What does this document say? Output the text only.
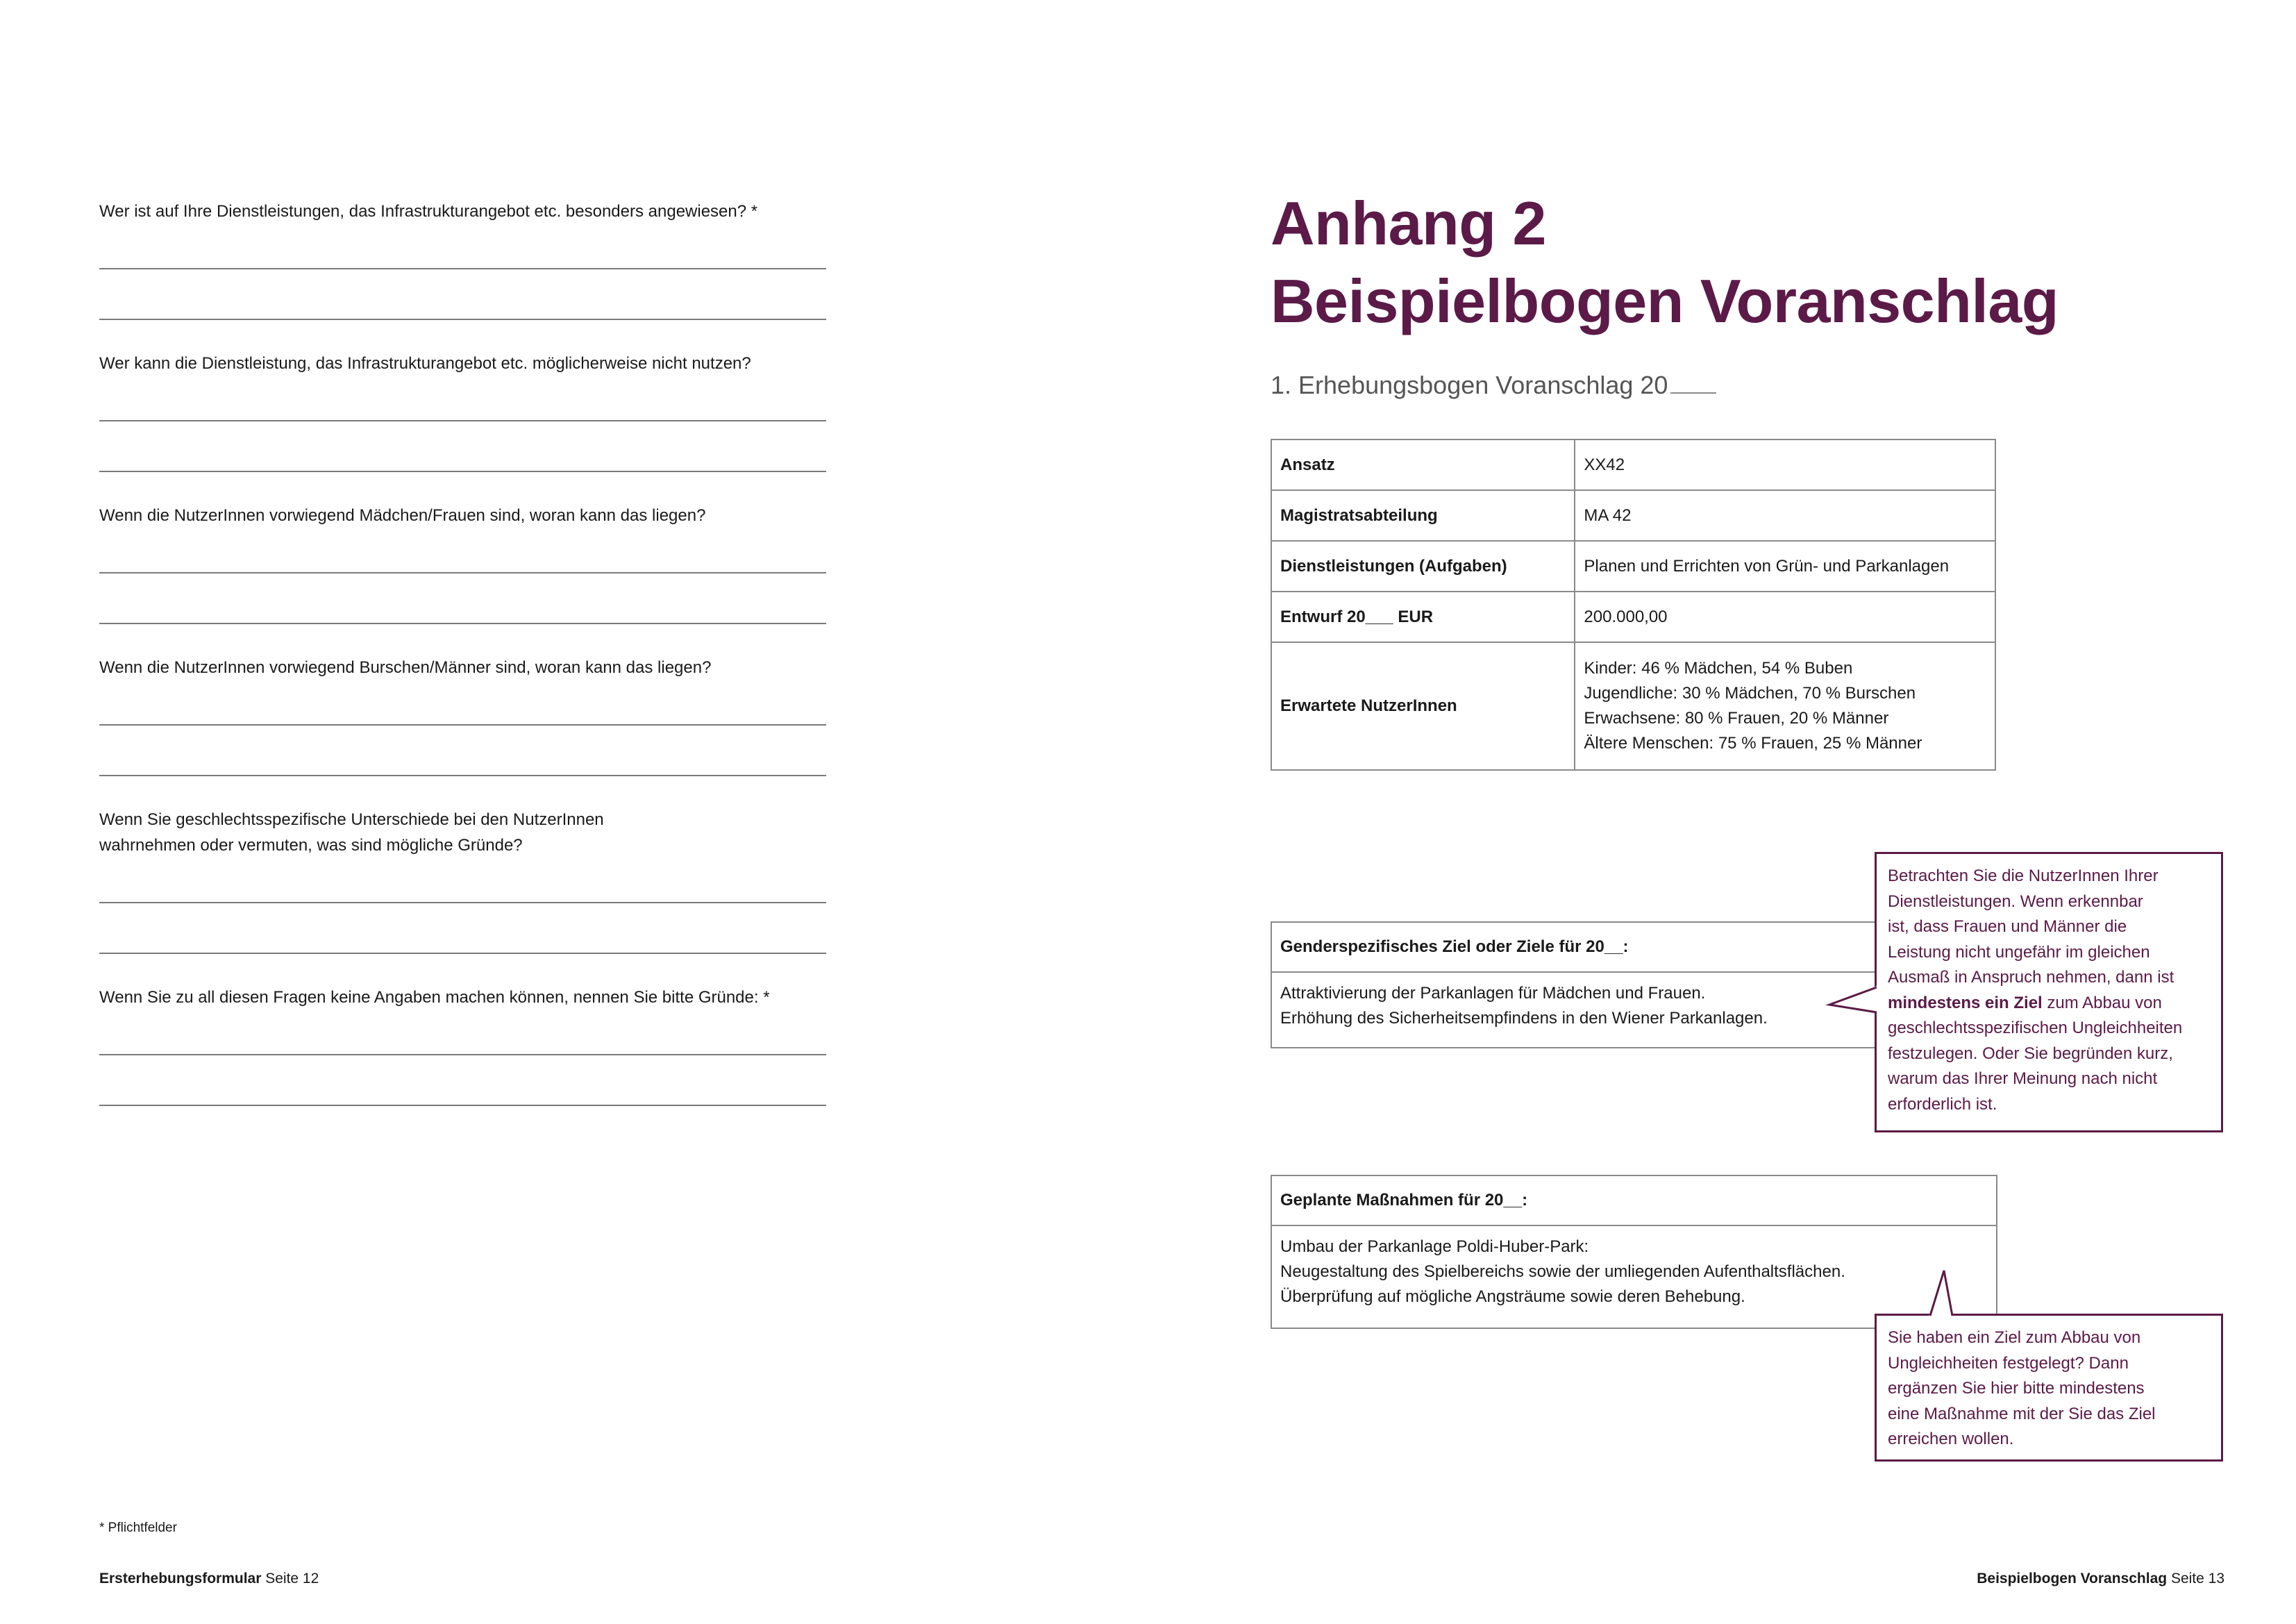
Wer ist auf Ihre Dienstleistungen, das Infrastrukturangebot etc. besonders angewiesen? *
Wer kann die Dienstleistung, das Infrastrukturangebot etc. möglicherweise nicht nutzen?
Wenn die NutzerInnen vorwiegend Mädchen/Frauen sind, woran kann das liegen?
Wenn die NutzerInnen vorwiegend Burschen/Männer sind, woran kann das liegen?
Wenn Sie geschlechtsspezifische Unterschiede bei den NutzerInnen
wahrnehmen oder vermuten, was sind mögliche Gründe?
Wenn Sie zu all diesen Fragen keine Angaben machen können, nennen Sie bitte Gründe: *
* Pflichtfelder
Ersterhebungsformular Seite 12
Anhang 2
Beispielbogen Voranschlag
1. Erhebungsbogen Voranschlag 20
Ansatz	XX42
Magistratsabteilung	MA 42
Dienstleistungen (Aufgaben)	Planen und Errichten von Grün- und Parkanlagen
Entwurf 20___ EUR	200.000,00
Erwartete NutzerInnen	Kinder: 46 % Mädchen, 54 % Buben
Jugendliche: 30 % Mädchen, 70 % Burschen
Erwachsene: 80 % Frauen, 20 % Männer
Ältere Menschen: 75 % Frauen, 25 % Männer
Genderspezifisches Ziel oder Ziele für 20__:
Attraktivierung der Parkanlagen für Mädchen und Frauen.
Erhöhung des Sicherheitsempfindens in den Wiener Parkanlagen.
Geplante Maßnahmen für 20__:
Umbau der Parkanlage Poldi-Huber-Park:
Neugestaltung des Spielbereichs sowie der umliegenden Aufenthaltsflächen.
Überprüfung auf mögliche Angsträume sowie deren Behebung.
Betrachten Sie die NutzerInnen Ihrer
Dienstleistungen. Wenn erkennbar
ist, dass Frauen und Männer die
Leistung nicht ungefähr im gleichen
Ausmaß in Anspruch nehmen, dann ist
mindestens ein Ziel zum Abbau von
geschlechtsspezifischen Ungleichheiten
festzulegen. Oder Sie begründen kurz,
warum das Ihrer Meinung nach nicht
erforderlich ist.
Sie haben ein Ziel zum Abbau von
Ungleichheiten festgelegt? Dann
ergänzen Sie hier bitte mindestens
eine Maßnahme mit der Sie das Ziel
erreichen wollen.
Beispielbogen Voranschlag Seite 13
